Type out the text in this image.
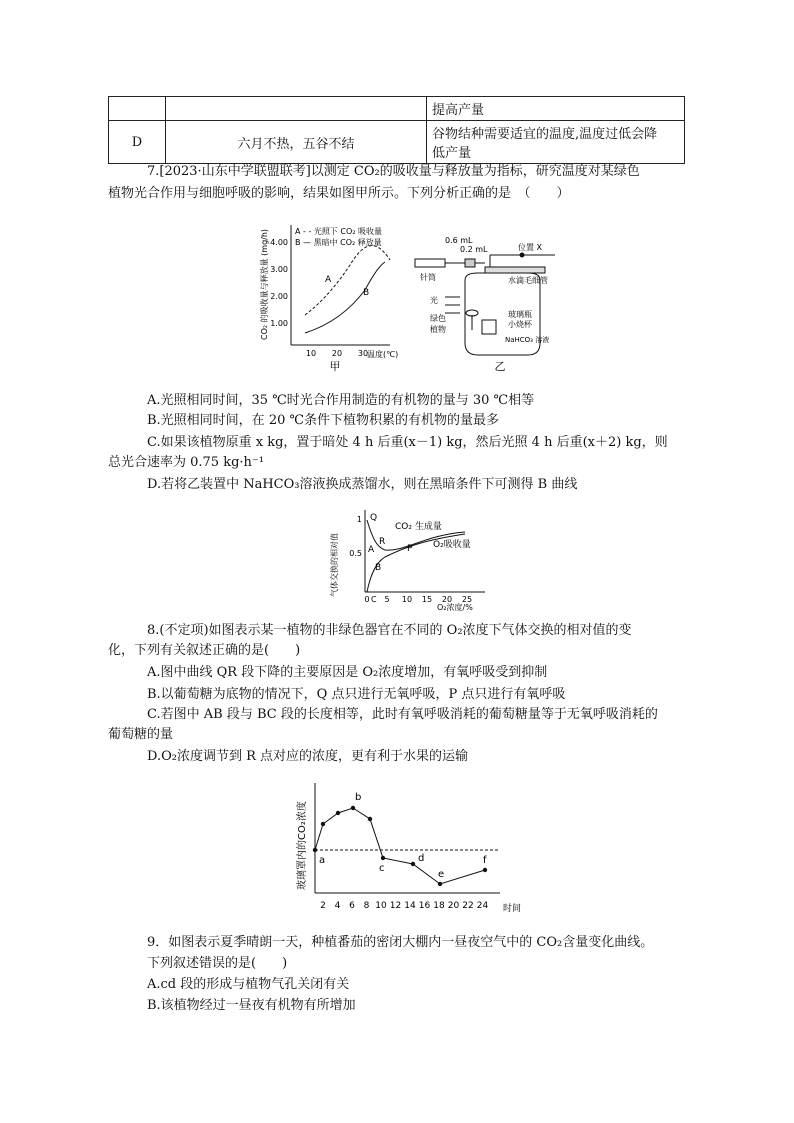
		提高产量
D	六月不热，五谷不结	谷物结种需要适宜的温度,温度过低会降
低产量
7.[2023·山东中学联盟联考]以测定 CO₂的吸收量与释放量为指标，研究温度对某绿色
植物光合作用与细胞呼吸的影响，结果如图甲所示。下列分析正确的是　（　　）
4.00
3.00
2.00
1.00
10 20 30
A
B
A - - 光照下 CO₂ 吸收量
B — 黑暗中 CO₂ 释放量
温度(℃)
甲
CO₂ 的吸收量与释放量 (mg/h)	0.6 mL
0.2 mL	位置 X
针筒	水滴毛细管
光
绿色
植物
玻璃瓶
小烧杯
NaHCO₃ 溶液
乙
A.光照相同时间，35 ℃时光合作用制造的有机物的量与 30 ℃相等
B.光照相同时间，在 20 ℃条件下植物积累的有机物的量最多
C.如果该植物原重 x kg，置于暗处 4 h 后重(x－1) kg，然后光照 4 h 后重(x＋2) kg，则
总光合速率为 0.75 kg·h⁻¹
D.若将乙装置中 NaHCO₃溶液换成蒸馏水，则在黑暗条件下可测得 B 曲线
1
0.5
0 5 10 15 20 25
CO₂ 生成量
O₂吸收量
Q
R
A	P
B
C
O₂浓度/%
气体交换的相对值
8.(不定项)如图表示某一植物的非绿色器官在不同的 O₂浓度下气体交换的相对值的变
化，下列有关叙述正确的是(　　)
A.图中曲线 QR 段下降的主要原因是 O₂浓度增加，有氧呼吸受到抑制
B.以葡萄糖为底物的情况下，Q 点只进行无氧呼吸，P 点只进行有氧呼吸
C.若图中 AB 段与 BC 段的长度相等，此时有氧呼吸消耗的葡萄糖量等于无氧呼吸消耗的
葡萄糖的量
D.O₂浓度调节到 R 点对应的浓度，更有利于水果的运输
2 4 6 8 10 12 14 16 18 20 22 24
a
b
c
d
e
f
时间
玻璃罩内的CO₂浓度
9．如图表示夏季晴朗一天，种植番茄的密闭大棚内一昼夜空气中的 CO₂含量变化曲线。
下列叙述错误的是(　　)
A.cd 段的形成与植物气孔关闭有关
B.该植物经过一昼夜有机物有所增加
